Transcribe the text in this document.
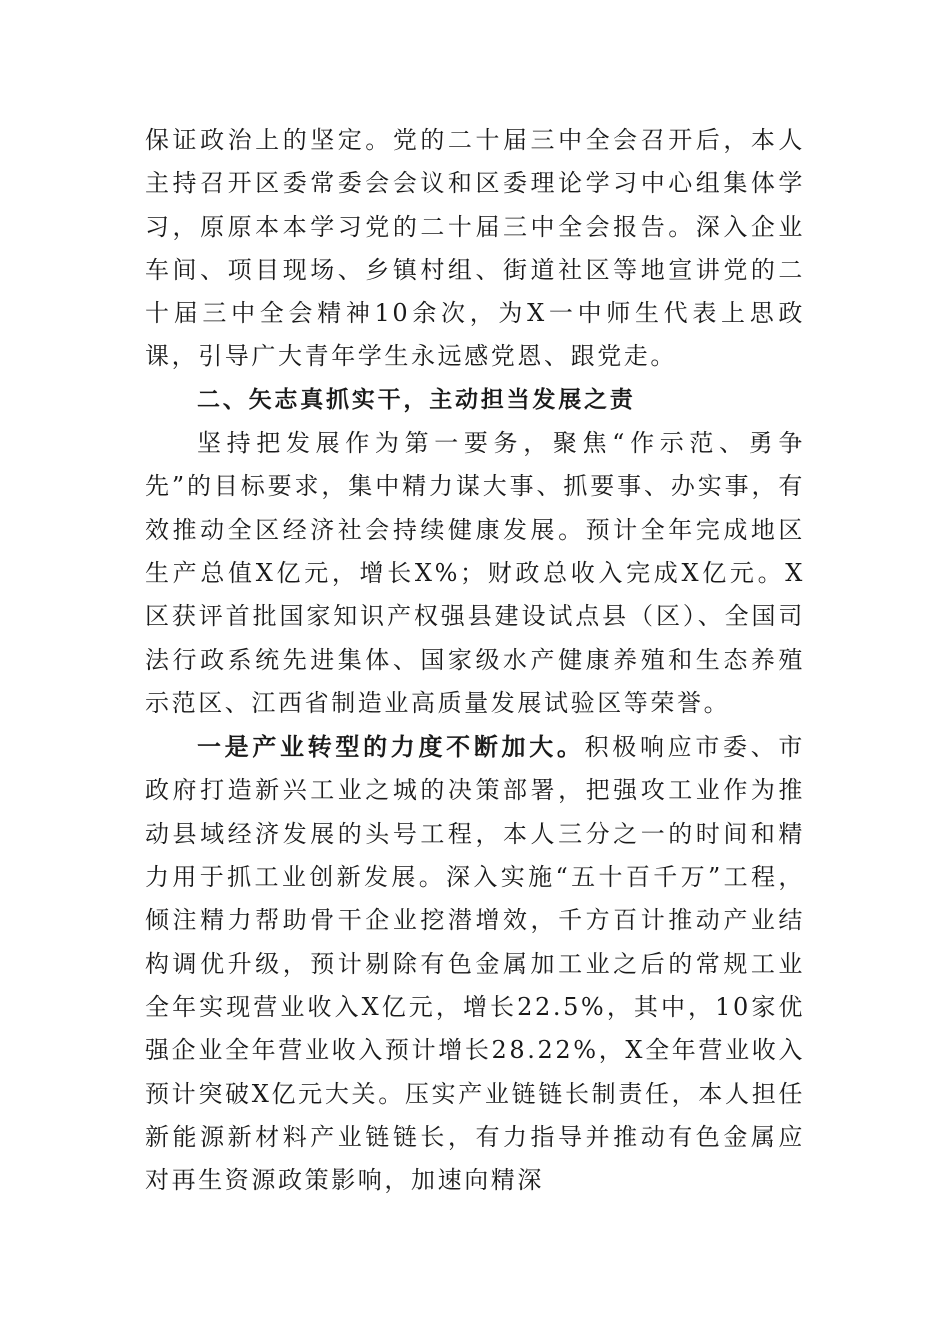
保证政治上的坚定。党的二十届三中全会召开后，本人主持召开区委常委会会议和区委理论学习中心组集体学习，原原本本学习党的二十届三中全会报告。深入企业车间、项目现场、乡镇村组、街道社区等地宣讲党的二十届三中全会精神10余次，为X一中师生代表上思政课，引导广大青年学生永远感党恩、跟党走。

二、矢志真抓实干，主动担当发展之责

坚持把发展作为第一要务，聚焦“作示范、勇争先”的目标要求，集中精力谋大事、抓要事、办实事，有效推动全区经济社会持续健康发展。预计全年完成地区生产总值X亿元，增长X%；财政总收入完成X亿元。X区获评首批国家知识产权强县建设试点县（区）、全国司法行政系统先进集体、国家级水产健康养殖和生态养殖示范区、江西省制造业高质量发展试验区等荣誉。

一是产业转型的力度不断加大。积极响应市委、市政府打造新兴工业之城的决策部署，把强攻工业作为推动县域经济发展的头号工程，本人三分之一的时间和精力用于抓工业创新发展。深入实施“五十百千万”工程，倾注精力帮助骨干企业挖潜增效，千方百计推动产业结构调优升级，预计剔除有色金属加工业之后的常规工业全年实现营业收入X亿元，增长22.5%，其中，10家优强企业全年营业收入预计增长28.22%，X全年营业收入预计突破X亿元大关。压实产业链链长制责任，本人担任新能源新材料产业链链长，有力指导并推动有色金属应对再生资源政策影响，加速向精深
